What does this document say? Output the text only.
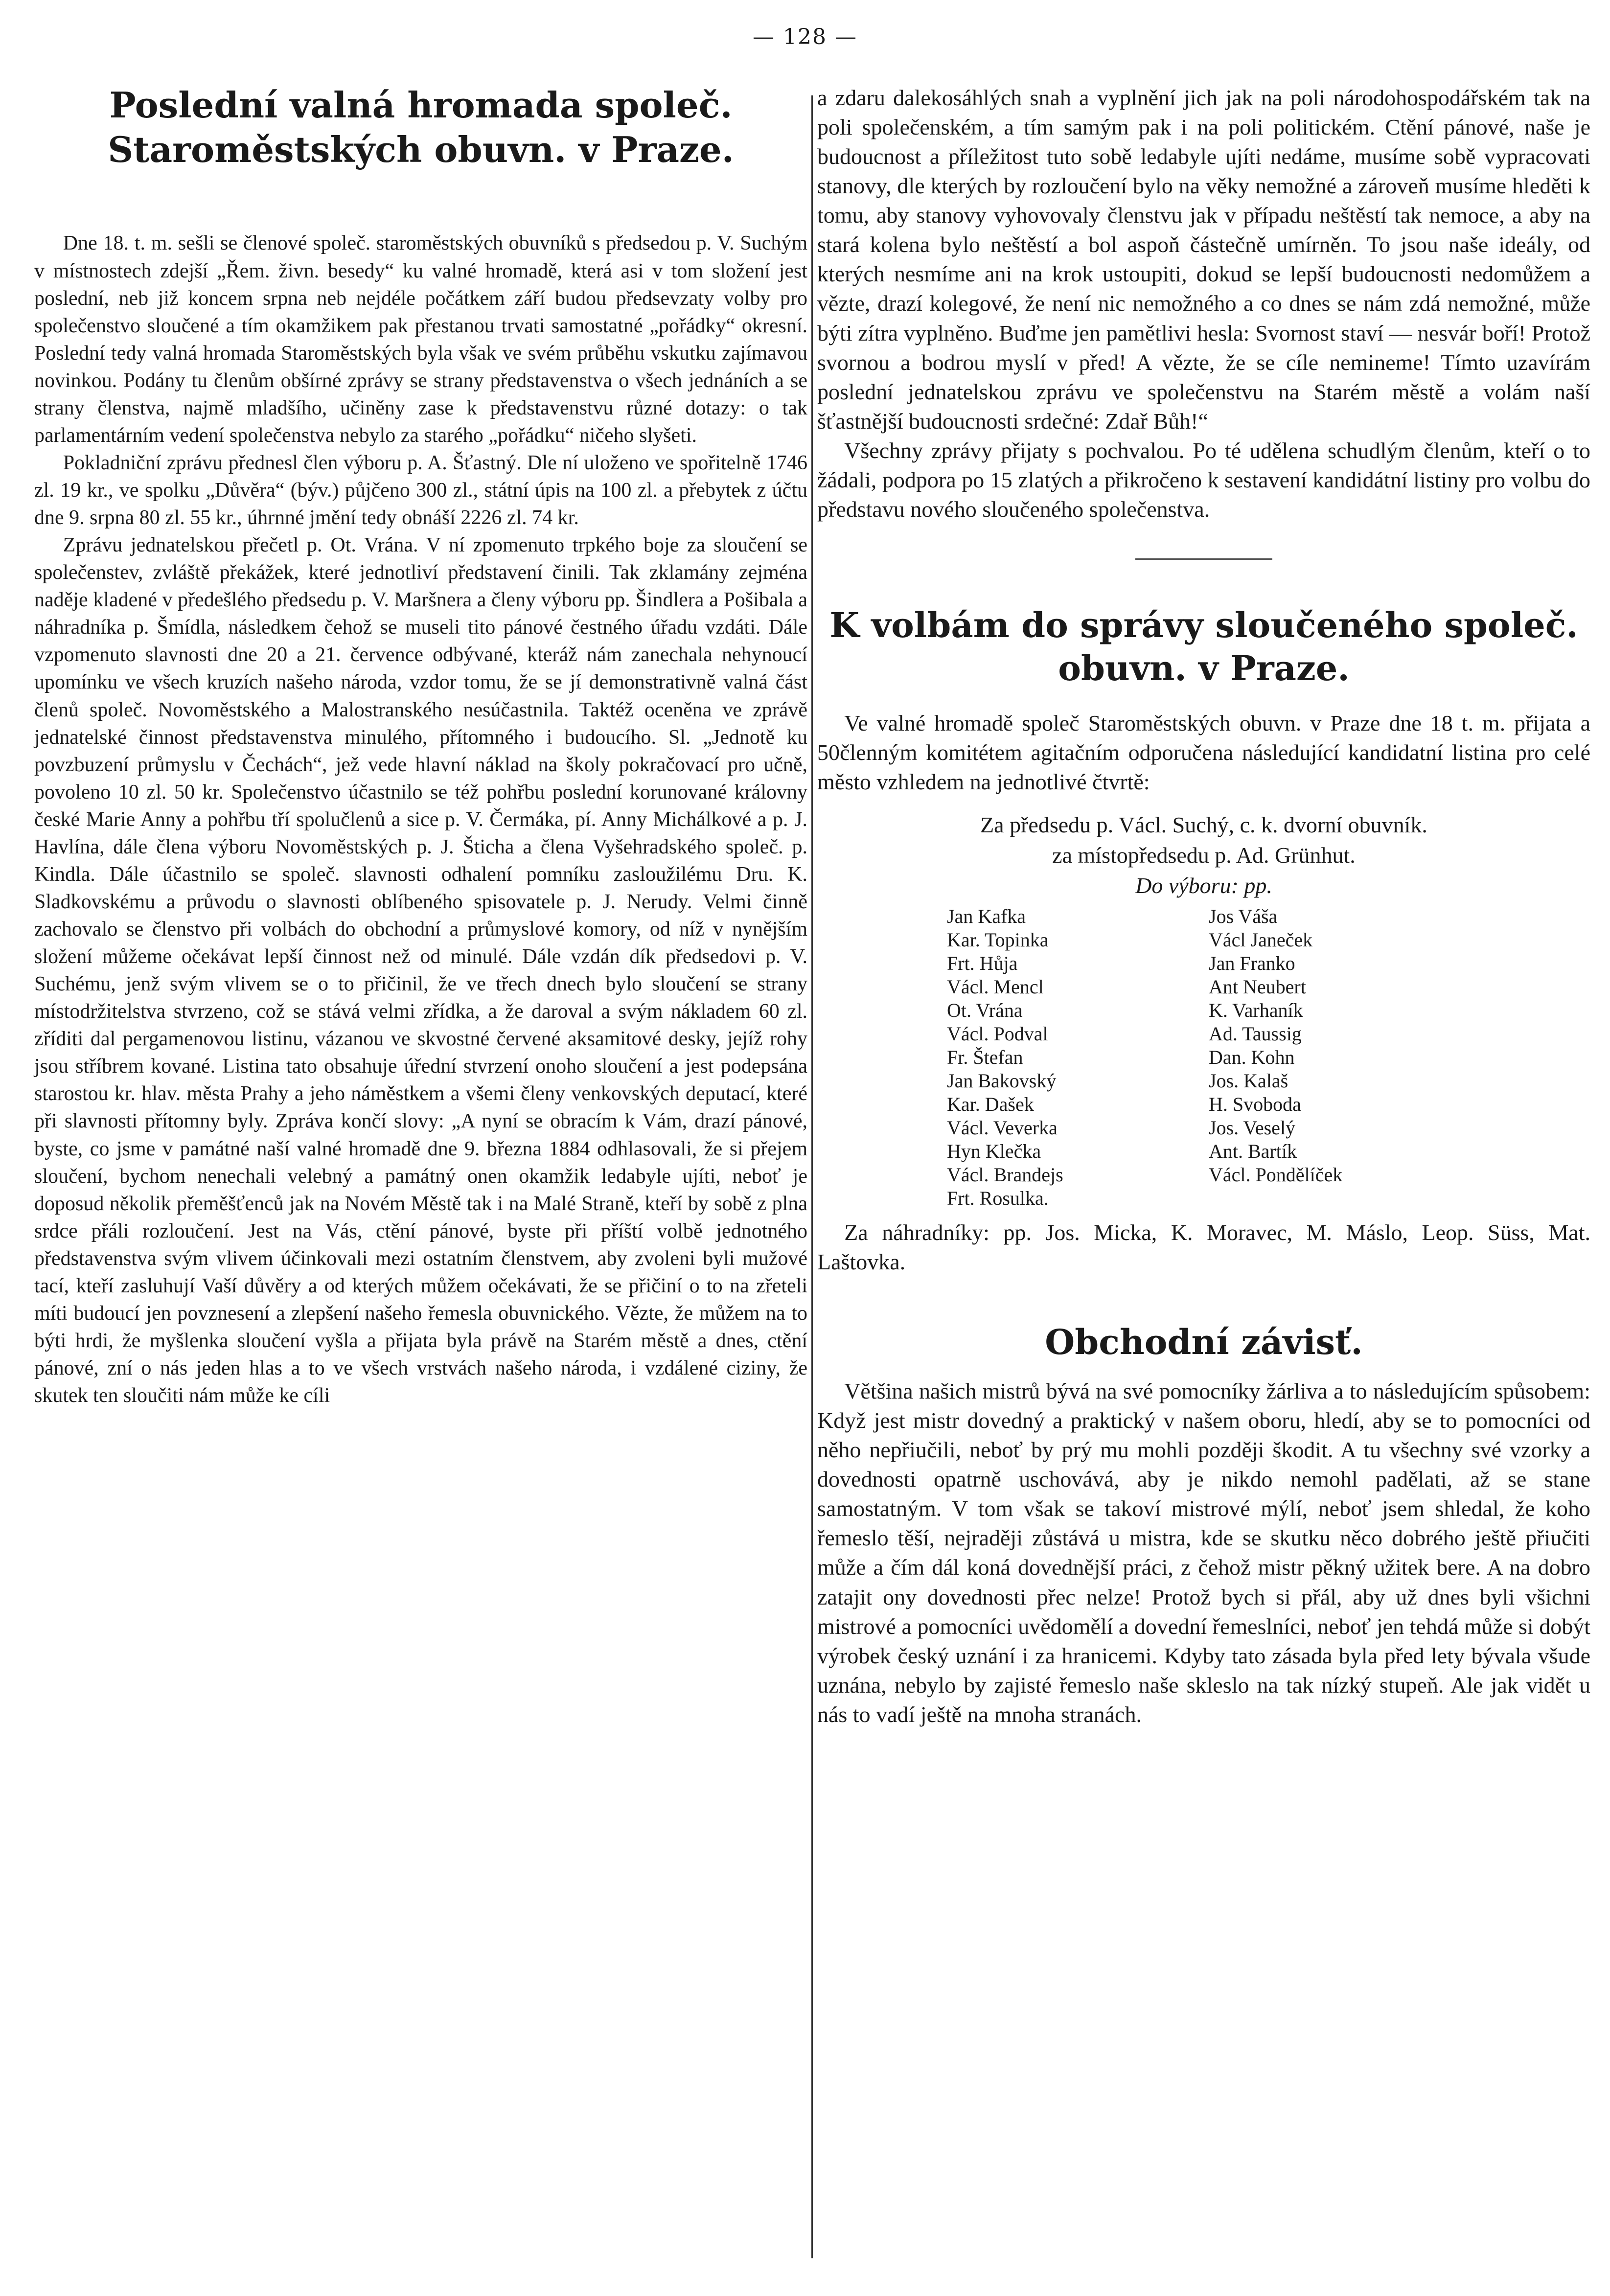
— 128 —
Poslední valná hromada společ. Staroměstských obuvn. v Praze.

Dne 18. t. m. sešli se členové společ. staroměstských obuvníků s předsedou p. V. Suchým v místnostech zdejší „Řem. živn. besedy“ ku valné hromadě, která asi v tom složení jest poslední, neb již koncem srpna neb nejdéle počátkem září budou předsevzaty volby pro společenstvo sloučené a tím okamžikem pak přestanou trvati samostatné „pořádky“ okresní. Poslední tedy valná hromada Staroměstských byla však ve svém průběhu vskutku zajímavou novinkou. Podány tu členům obšírné zprávy se strany představenstva o všech jednáních a se strany členstva, najmě mladšího, učiněny zase k představenstvu různé dotazy: o tak parlamentárním vedení společenstva nebylo za starého „pořádku“ ničeho slyšeti.

Pokladniční zprávu přednesl člen výboru p. A. Šťastný. Dle ní uloženo ve spořitelně 1746 zl. 19 kr., ve spolku „Důvěra“ (býv.) půjčeno 300 zl., státní úpis na 100 zl. a přebytek z účtu dne 9. srpna 80 zl. 55 kr., úhrnné jmění tedy obnáší 2226 zl. 74 kr.

Zprávu jednatelskou přečetl p. Ot. Vrána. V ní zpomenuto trpkého boje za sloučení se společenstev, zvláště překážek, které jednotliví představení činili. Tak zklamány zejména naděje kladené v předešlého předsedu p. V. Maršnera a členy výboru pp. Šindlera a Pošibala a náhradníka p. Šmídla, následkem čehož se museli tito pánové čestného úřadu vzdáti. Dále vzpomenuto slavnosti dne 20 a 21. července odbývané, kteráž nám zanechala nehynoucí upomínku ve všech kruzích našeho národa, vzdor tomu, že se jí demonstrativně valná část členů společ. Novoměstského a Malostranského nesúčastnila. Taktéž oceněna ve zprávě jednatelské činnost představenstva minulého, přítomného i budoucího. Sl. „Jednotě ku povzbuzení průmyslu v Čechách“, jež vede hlavní náklad na školy pokračovací pro učně, povoleno 10 zl. 50 kr. Společenstvo účastnilo se též pohřbu poslední korunované královny české Marie Anny a pohřbu tří spolučlenů a sice p. V. Čermáka, pí. Anny Michálkové a p. J. Havlína, dále člena výboru Novoměstských p. J. Šticha a člena Vyšehradského společ. p. Kindla. Dále účastnilo se společ. slavnosti odhalení pomníku zasloužilému Dru. K. Sladkovskému a průvodu o slavnosti oblíbeného spisovatele p. J. Nerudy. Velmi činně zachovalo se členstvo při volbách do obchodní a průmyslové komory, od níž v nynějším složení můžeme očekávat lepší činnost než od minulé. Dále vzdán dík předsedovi p. V. Suchému, jenž svým vlivem se o to přičinil, že ve třech dnech bylo sloučení se strany místodržitelstva stvrzeno, což se stává velmi zřídka, a že daroval a svým nákladem 60 zl. zříditi dal pergamenovou listinu, vázanou ve skvostné červené aksamitové desky, jejíž rohy jsou stříbrem kované. Listina tato obsahuje úřední stvrzení onoho sloučení a jest podepsána starostou kr. hlav. města Prahy a jeho náměstkem a všemi členy venkovských deputací, které při slavnosti přítomny byly. Zpráva končí slovy: „A nyní se obracím k Vám, drazí pánové, byste, co jsme v památné naší valné hromadě dne 9. března 1884 odhlasovali, že si přejem sloučení, bychom nenechali velebný a památný onen okamžik ledabyle ujíti, neboť je doposud několik přeměšťenců jak na Novém Městě tak i na Malé Straně, kteří by sobě z plna srdce přáli rozloučení. Jest na Vás, ctění pánové, byste při příští volbě jednotného představenstva svým vlivem účinkovali mezi ostatním členstvem, aby zvoleni byli mužové tací, kteří zasluhují Vaší důvěry a od kterých můžem očekávati, že se přičiní o to na zřeteli míti budoucí jen povznesení a zlepšení našeho řemesla obuvnického. Vězte, že můžem na to býti hrdi, že myšlenka sloučení vyšla a přijata byla právě na Starém městě a dnes, ctění pánové, zní o nás jeden hlas a to ve všech vrstvách našeho národa, i vzdálené ciziny, že skutek ten sloučiti nám může ke cíli

a zdaru dalekosáhlých snah a vyplnění jich jak na poli národohospodářském tak na poli společenském, a tím samým pak i na poli politickém. Ctění pánové, naše je budoucnost a příležitost tuto sobě ledabyle ujíti nedáme, musíme sobě vypracovati stanovy, dle kterých by rozloučení bylo na věky nemožné a zároveň musíme hleděti k tomu, aby stanovy vyhovovaly členstvu jak v případu neštěstí tak nemoce, a aby na stará kolena bylo neštěstí a bol aspoň částečně umírněn. To jsou naše ideály, od kterých nesmíme ani na krok ustoupiti, dokud se lepší budoucnosti nedomůžem a vězte, drazí kolegové, že není nic nemožného a co dnes se nám zdá nemožné, může býti zítra vyplněno. Buďme jen pamětlivi hesla: Svornost staví — nesvár boří! Protož svornou a bodrou myslí v před! A vězte, že se cíle nemineme! Tímto uzavírám poslední jednatelskou zprávu ve společenstvu na Starém městě a volám naší šťastnější budoucnosti srdečné: Zdař Bůh!“

Všechny zprávy přijaty s pochvalou. Po té udělena schudlým členům, kteří o to žádali, podpora po 15 zlatých a přikročeno k sestavení kandidátní listiny pro volbu do představu nového sloučeného společenstva.

K volbám do správy sloučeného společ. obuvn. v Praze.

Ve valné hromadě společ Staroměstských obuvn. v Praze dne 18 t. m. přijata a 50členným komitétem agitačním odporučena následující kandidatní listina pro celé město vzhledem na jednotlivé čtvrtě:

Za předsedu p. Václ. Suchý, c. k. dvorní obuvník.

za místopředsedu p. Ad. Grünhut.

Do výboru: pp.

Jan Kafka
Kar. Topinka
Frt. Hůja
Václ. Mencl
Ot. Vrána
Václ. Podval
Fr. Štefan
Jan Bakovský
Kar. Dašek
Václ. Veverka
Hyn Klečka
Václ. Brandejs
Frt. Rosulka.
Jos Váša
Václ Janeček
Jan Franko
Ant Neubert
K. Varhaník
Ad. Taussig
Dan. Kohn
Jos. Kalaš
H. Svoboda
Jos. Veselý
Ant. Bartík
Václ. Pondělíček

Za náhradníky: pp. Jos. Micka, K. Moravec, M. Máslo, Leop. Süss, Mat. Laštovka.

Obchodní závisť.

Většina našich mistrů bývá na své pomocníky žárliva a to následujícím spůsobem: Když jest mistr dovedný a praktický v našem oboru, hledí, aby se to pomocníci od něho nepřiučili, neboť by prý mu mohli později škodit. A tu všechny své vzorky a dovednosti opatrně uschovává, aby je nikdo nemohl padělati, až se stane samostatným. V tom však se takoví mistrové mýlí, neboť jsem shledal, že koho řemeslo těší, nejraději zůstává u mistra, kde se skutku něco dobrého ještě přiučiti může a čím dál koná dovednější práci, z čehož mistr pěkný užitek bere. A na dobro zatajit ony dovednosti přec nelze! Protož bych si přál, aby už dnes byli všichni mistrové a pomocníci uvědomělí a dovední řemeslníci, neboť jen tehdá může si dobýt výrobek český uznání i za hranicemi. Kdyby tato zásada byla před lety bývala všude uznána, nebylo by zajisté řemeslo naše skleslo na tak nízký stupeň. Ale jak vidět u nás to vadí ještě na mnoha stranách.
